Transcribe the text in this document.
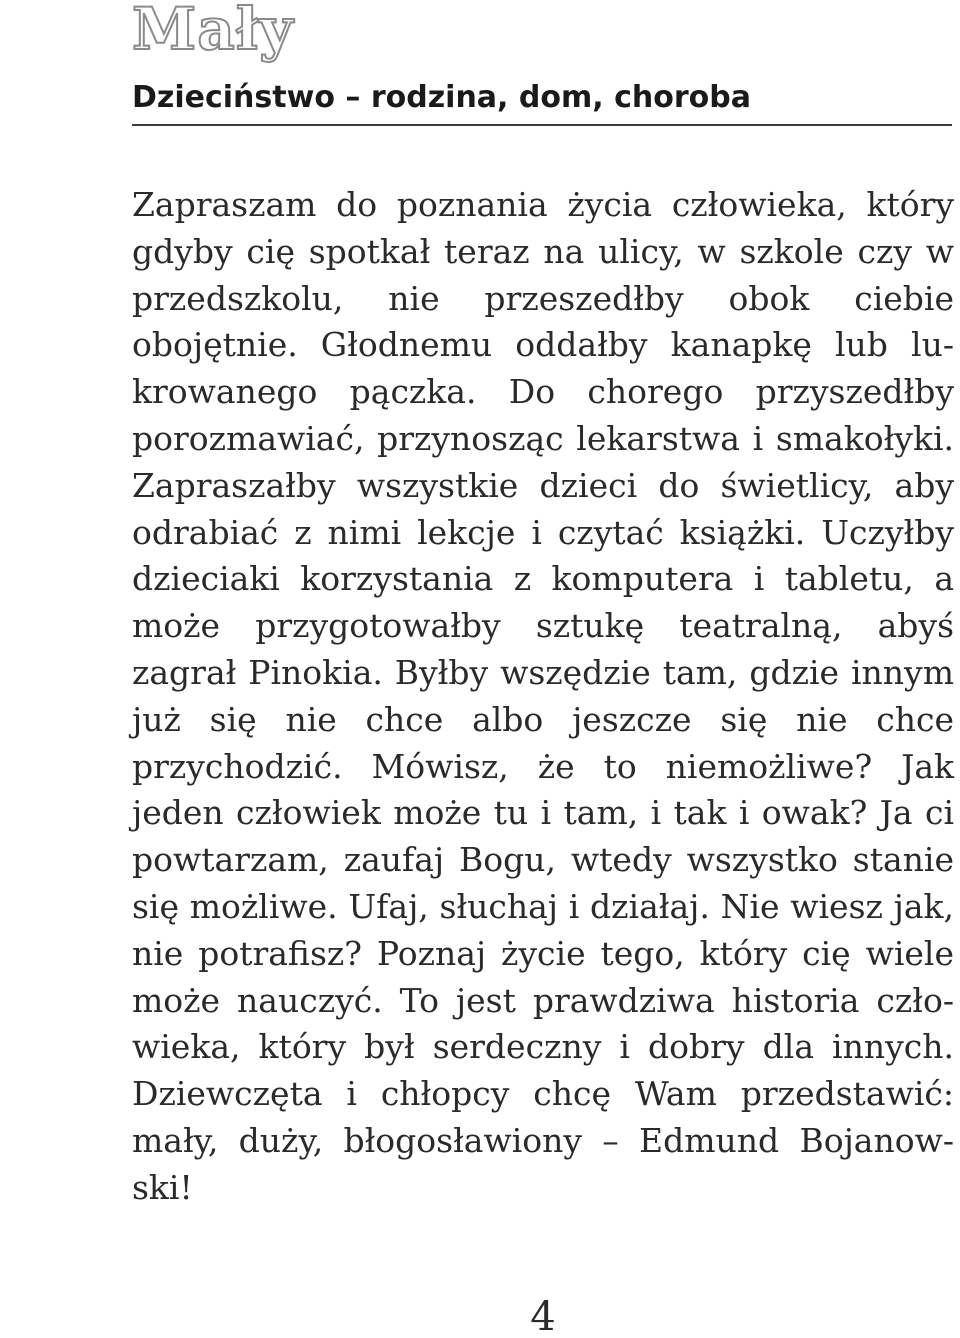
Mały
Dzieciństwo – rodzina, dom, choroba

Zapraszam do poznania życia człowieka, który gdyby cię spotkał teraz na ulicy, w szkole czy w przedszkolu, nie przeszedłby obok ciebie obojętnie. Głodnemu oddałby kanapkę lub lukrowanego pączka. Do chorego przyszedłby porozmawiać, przynosząc lekarstwa i smakołyki. Zapraszałby wszystkie dzieci do świetlicy, aby odrabiać z nimi lekcje i czytać książki. Uczyłby dzieciaki korzystania z komputera i tabletu, a może przygotowałby sztukę teatralną, abyś zagrał Pinokia. Byłby wszędzie tam, gdzie innym już się nie chce albo jeszcze się nie chce przychodzić. Mówisz, że to niemożliwe? Jak jeden człowiek może tu i tam, i tak i owak? Ja ci powtarzam, zaufaj Bogu, wtedy wszystko stanie się możliwe. Ufaj, słuchaj i działaj. Nie wiesz jak, nie potrafisz? Poznaj życie tego, który cię wiele może nauczyć. To jest prawdziwa historia człowieka, który był serdeczny i dobry dla innych. Dziewczęta i chłopcy chcę Wam przedstawić: mały, duży, błogosławiony – Edmund Bojanowski!

4
